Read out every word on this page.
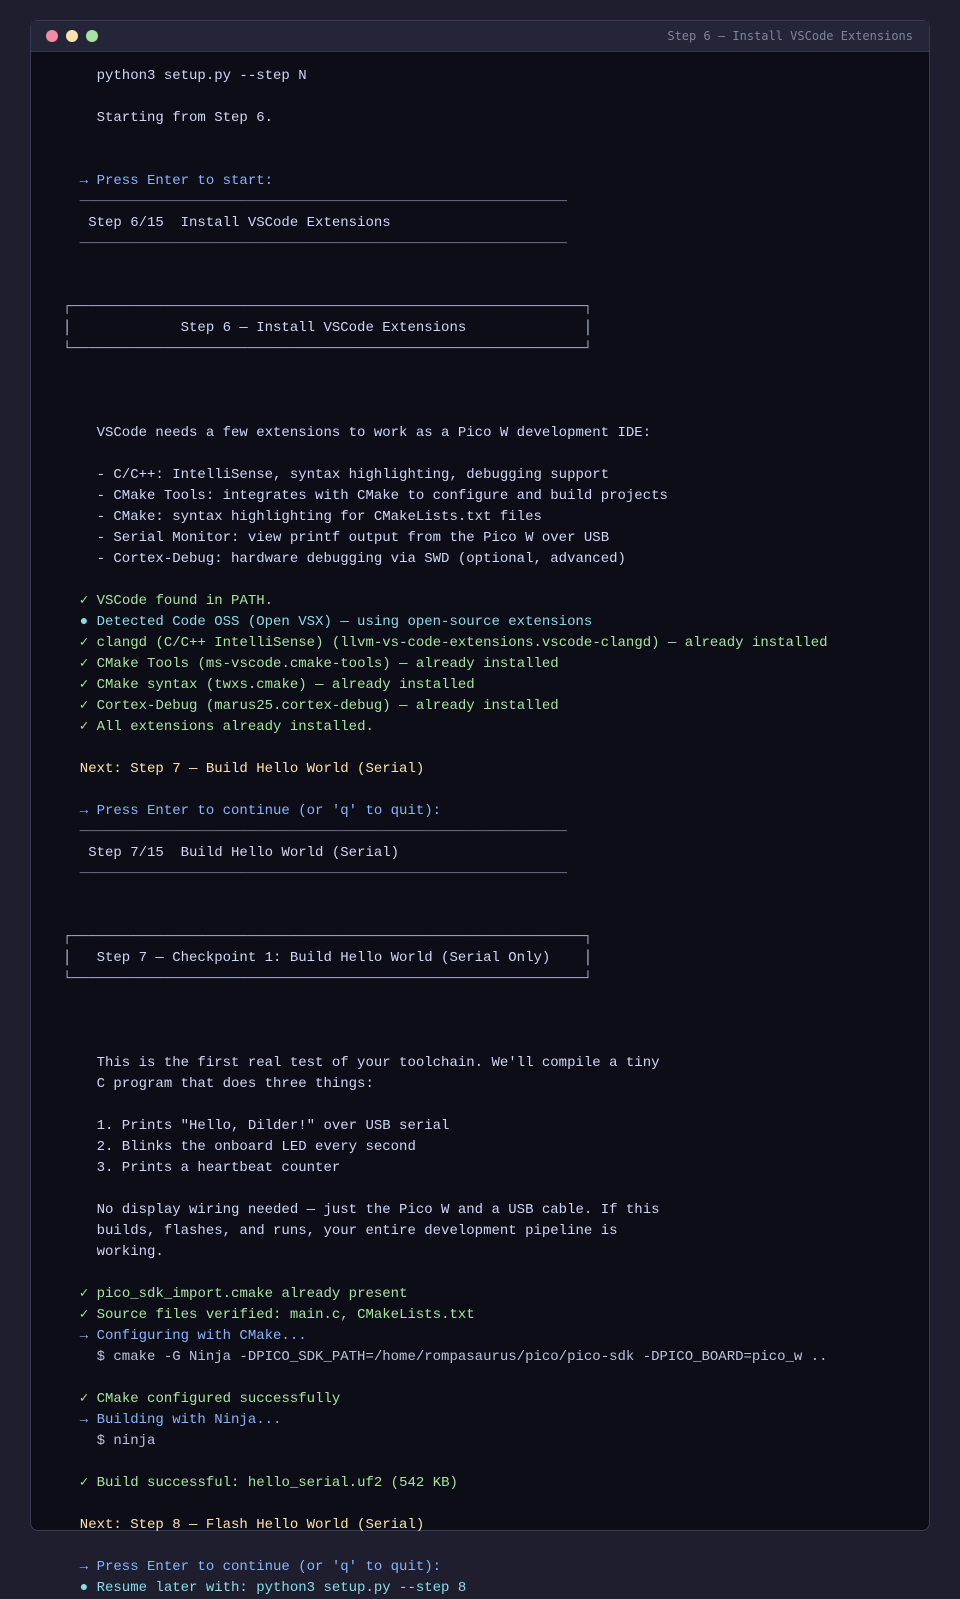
Step 6 — Install VSCode Extensions
python3 setup.py --step N
Starting from Step 6.
→ Press Enter to start:
──────────────────────────────────────────────────────────
Step 6/15  Install VSCode Extensions
──────────────────────────────────────────────────────────
┌─────────────────────────────────────────────────────────────┐
│             Step 6 — Install VSCode Extensions              │
└─────────────────────────────────────────────────────────────┘
VSCode needs a few extensions to work as a Pico W development IDE:
- C/C++: IntelliSense, syntax highlighting, debugging support
- CMake Tools: integrates with CMake to configure and build projects
- CMake: syntax highlighting for CMakeLists.txt files
- Serial Monitor: view printf output from the Pico W over USB
- Cortex-Debug: hardware debugging via SWD (optional, advanced)
✓ VSCode found in PATH.
● Detected Code OSS (Open VSX) — using open-source extensions
✓ clangd (C/C++ IntelliSense) (llvm-vs-code-extensions.vscode-clangd) — already installed
✓ CMake Tools (ms-vscode.cmake-tools) — already installed
✓ CMake syntax (twxs.cmake) — already installed
✓ Cortex-Debug (marus25.cortex-debug) — already installed
✓ All extensions already installed.
Next: Step 7 — Build Hello World (Serial)
→ Press Enter to continue (or 'q' to quit):
──────────────────────────────────────────────────────────
Step 7/15  Build Hello World (Serial)
──────────────────────────────────────────────────────────
┌─────────────────────────────────────────────────────────────┐
│   Step 7 — Checkpoint 1: Build Hello World (Serial Only)    │
└─────────────────────────────────────────────────────────────┘
This is the first real test of your toolchain. We'll compile a tiny
C program that does three things:
1. Prints "Hello, Dilder!" over USB serial
2. Blinks the onboard LED every second
3. Prints a heartbeat counter
No display wiring needed — just the Pico W and a USB cable. If this
builds, flashes, and runs, your entire development pipeline is
working.
✓ pico_sdk_import.cmake already present
✓ Source files verified: main.c, CMakeLists.txt
→ Configuring with CMake...
$ cmake -G Ninja -DPICO_SDK_PATH=/home/rompasaurus/pico/pico-sdk -DPICO_BOARD=pico_w ..
✓ CMake configured successfully
→ Building with Ninja...
$ ninja
✓ Build successful: hello_serial.uf2 (542 KB)
Next: Step 8 — Flash Hello World (Serial)
→ Press Enter to continue (or 'q' to quit):
● Resume later with: python3 setup.py --step 8
